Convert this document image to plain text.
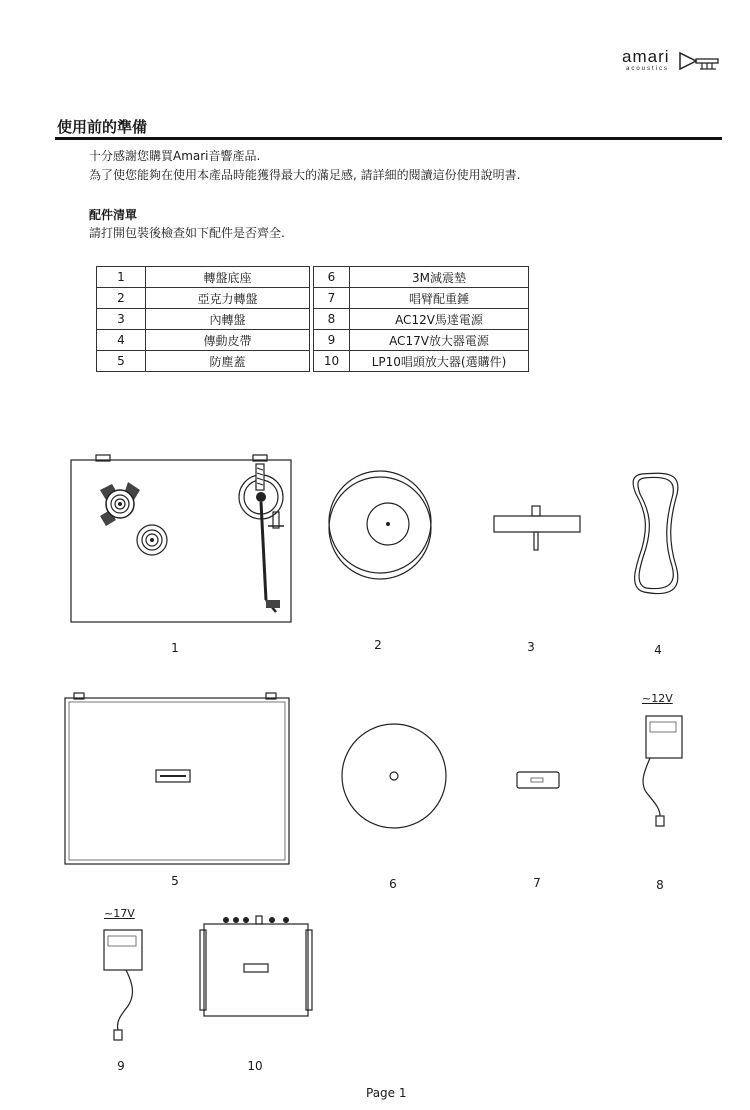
amari
acoustics
使用前的準備
十分感謝您購買Amari音響產品.
為了使您能夠在使用本產品時能獲得最大的滿足感, 請詳細的閱讀這份使用說明書.
配件清單
請打開包裝後檢查如下配件是否齊全.
1	轉盤底座		6	3M減震墊
2	亞克力轉盤		7	唱臂配重錘
3	內轉盤		8	AC12V馬達電源
4	傳動皮帶		9	AC17V放大器電源
5	防塵蓋		10	LP10唱頭放大器(選購件)
1	2	3	4
~12V
5	6	7	8
~17V
9	10
Page 1
